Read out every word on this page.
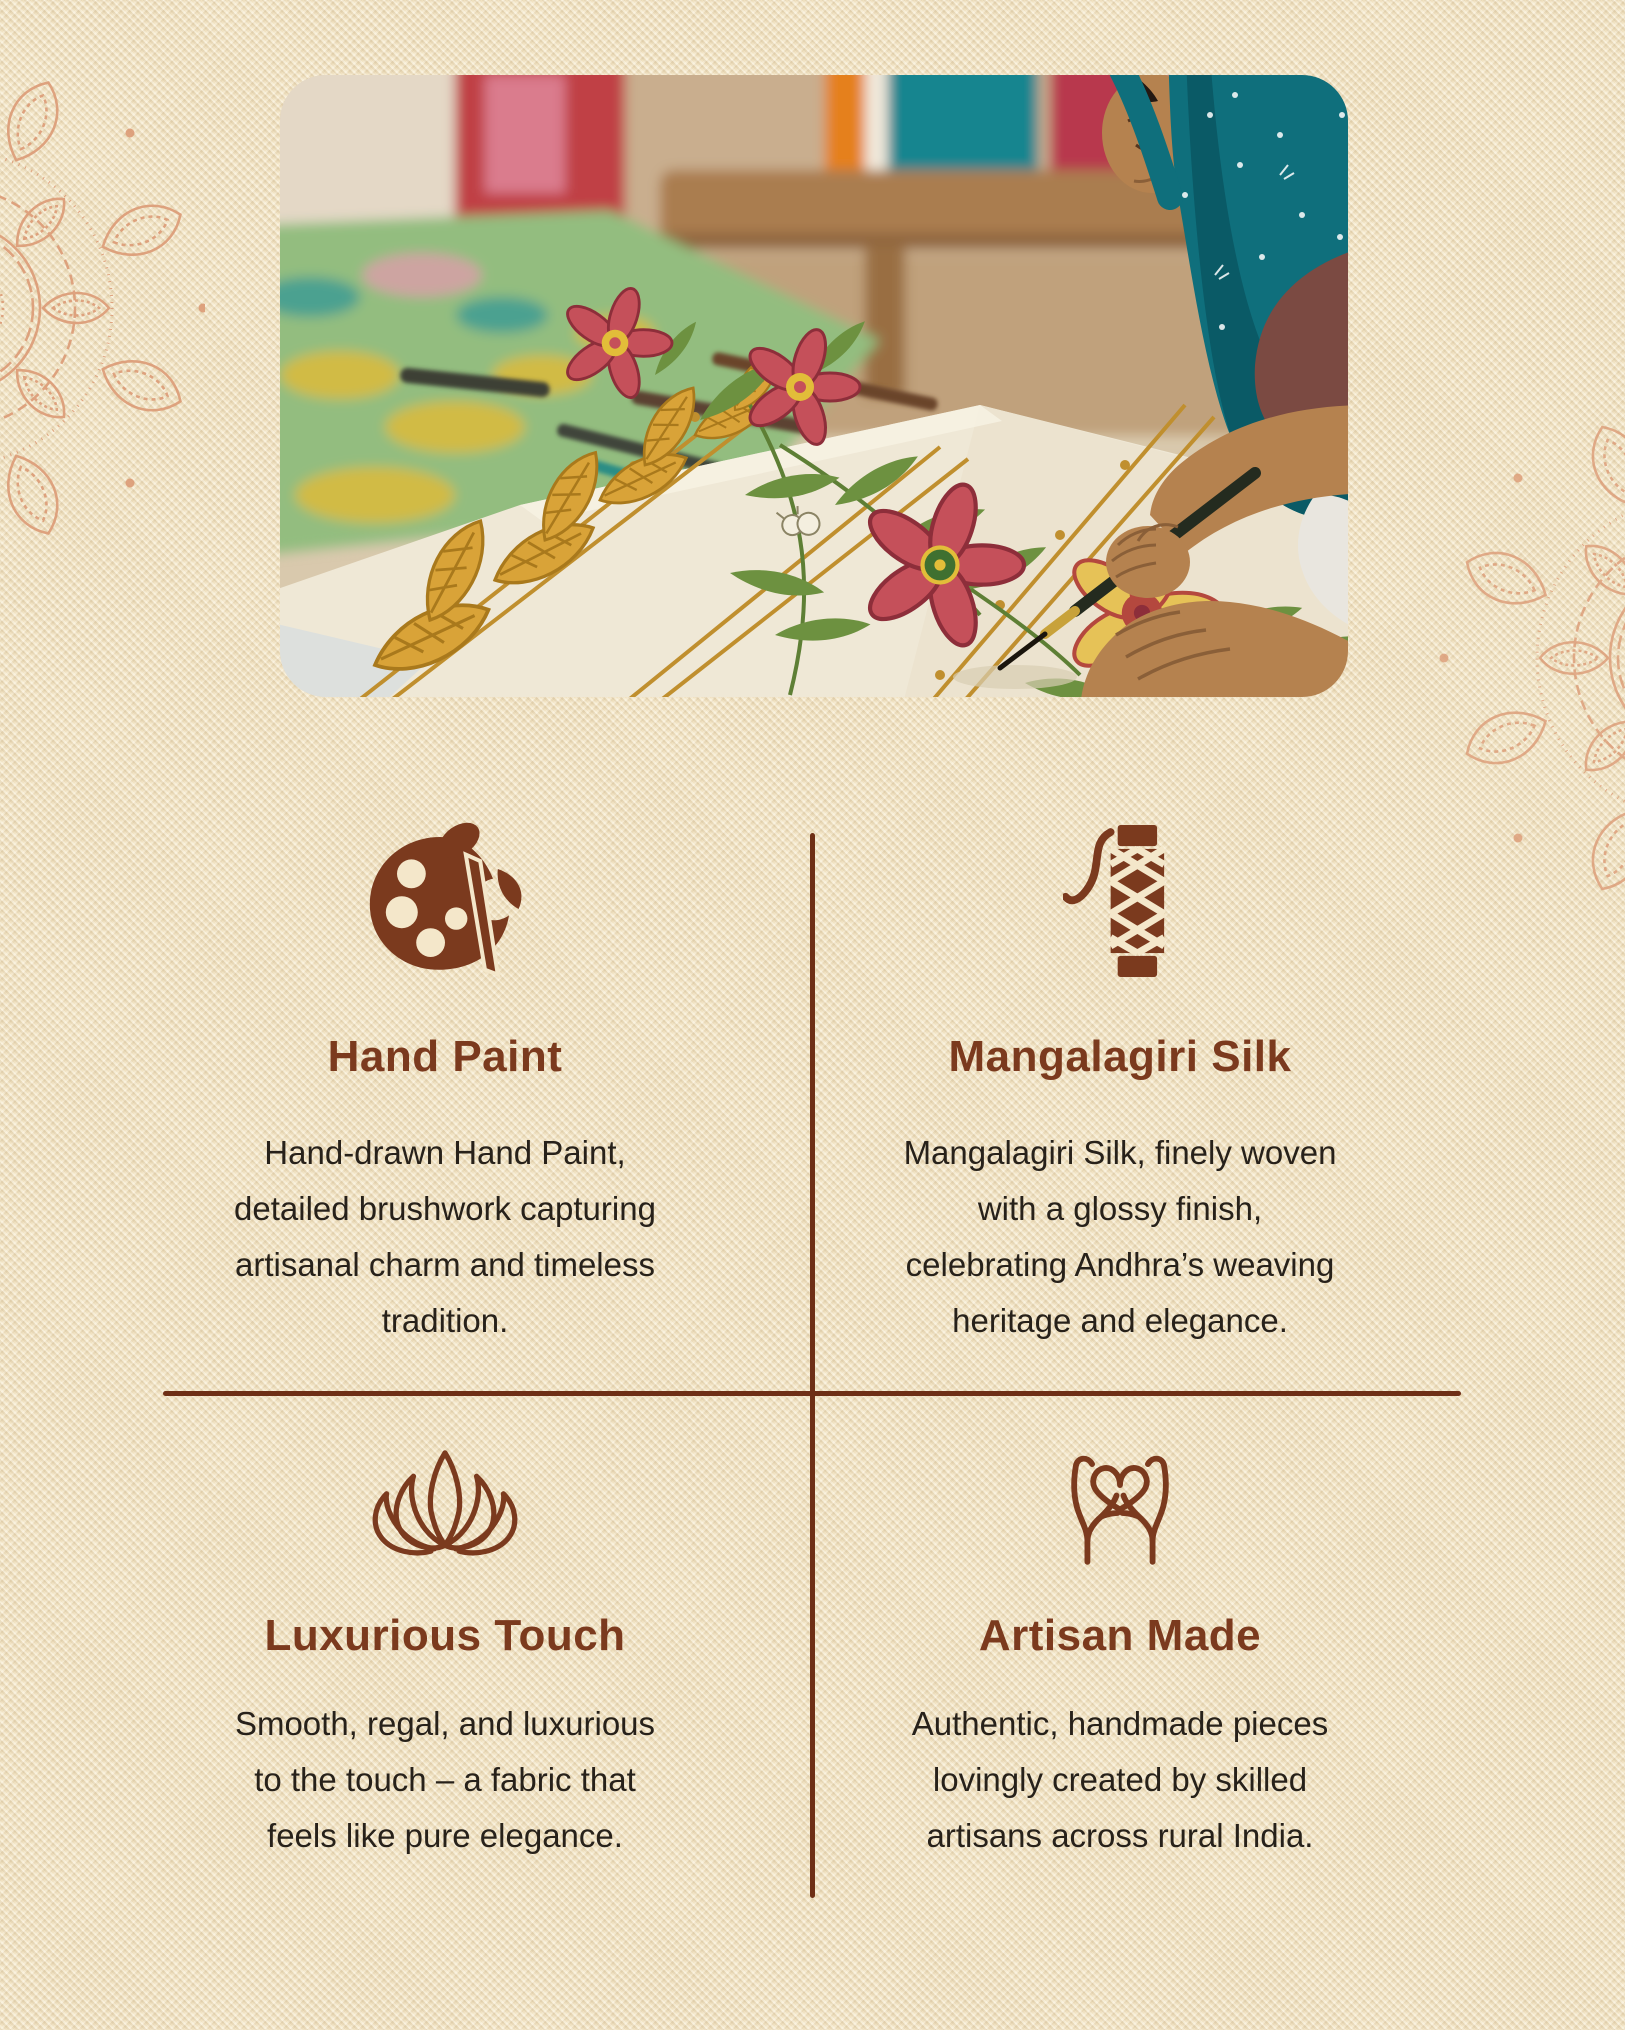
Hand Paint
Hand-drawn Hand Paint,
detailed brushwork capturing
artisanal charm and timeless
tradition.
Mangalagiri Silk
Mangalagiri Silk, finely woven
with a glossy finish,
celebrating Andhra’s weaving
heritage and elegance.
Luxurious Touch
Smooth, regal, and luxurious
to the touch – a fabric that
feels like pure elegance.
Artisan Made
Authentic, handmade pieces
lovingly created by skilled
artisans across rural India.
